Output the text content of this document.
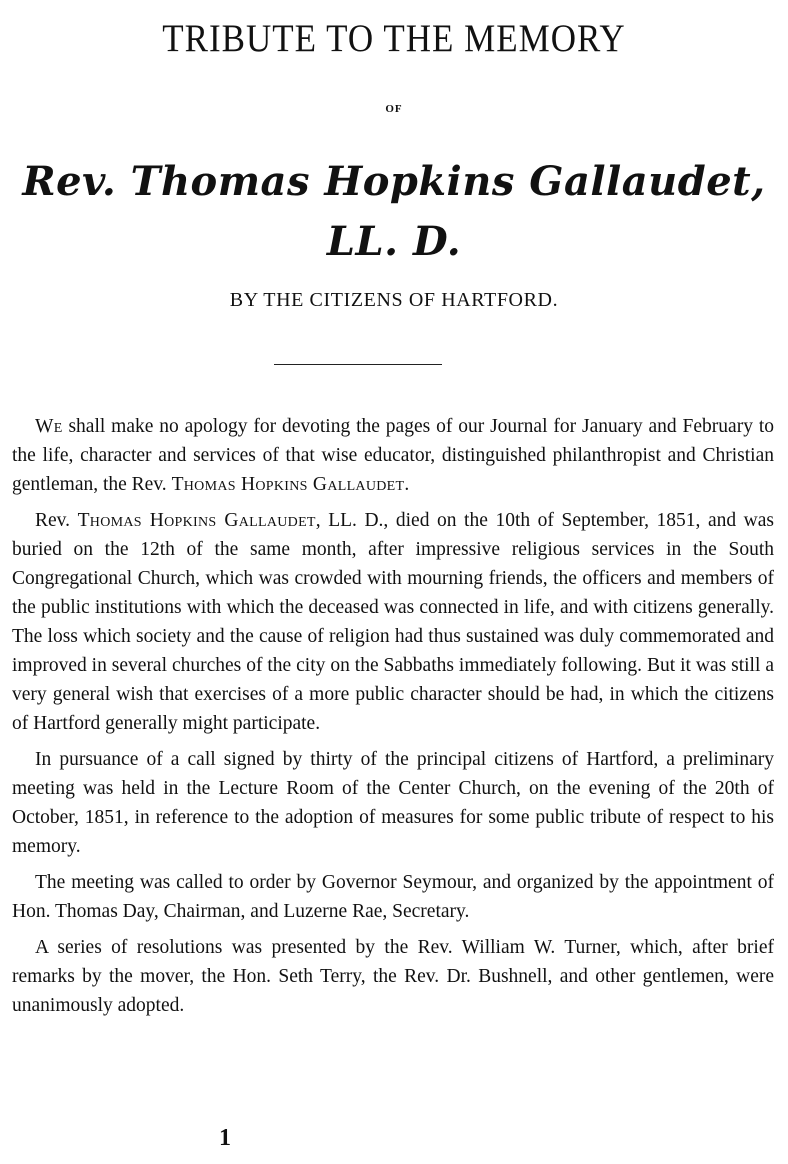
TRIBUTE TO THE MEMORY
OF
Rev. Thomas Hopkins Gallaudet, LL. D.
BY THE CITIZENS OF HARTFORD.

We shall make no apology for devoting the pages of our Journal for January and February to the life, character and services of that wise educator, distinguished philanthropist and Christian gentleman, the Rev. Thomas Hopkins Gallaudet.

Rev. Thomas Hopkins Gallaudet, LL. D., died on the 10th of September, 1851, and was buried on the 12th of the same month, after impressive religious services in the South Congregational Church, which was crowded with mourning friends, the officers and members of the public institutions with which the deceased was connected in life, and with citizens generally. The loss which society and the cause of religion had thus sustained was duly commemorated and improved in several churches of the city on the Sabbaths immediately following. But it was still a very general wish that exercises of a more public character should be had, in which the citizens of Hartford generally might participate.

In pursuance of a call signed by thirty of the principal citizens of Hartford, a preliminary meeting was held in the Lecture Room of the Center Church, on the evening of the 20th of October, 1851, in reference to the adoption of measures for some public tribute of respect to his memory.

The meeting was called to order by Governor Seymour, and organized by the appointment of Hon. Thomas Day, Chairman, and Luzerne Rae, Secretary.

A series of resolutions was presented by the Rev. William W. Turner, which, after brief remarks by the mover, the Hon. Seth Terry, the Rev. Dr. Bushnell, and other gentlemen, were unanimously adopted.

1
